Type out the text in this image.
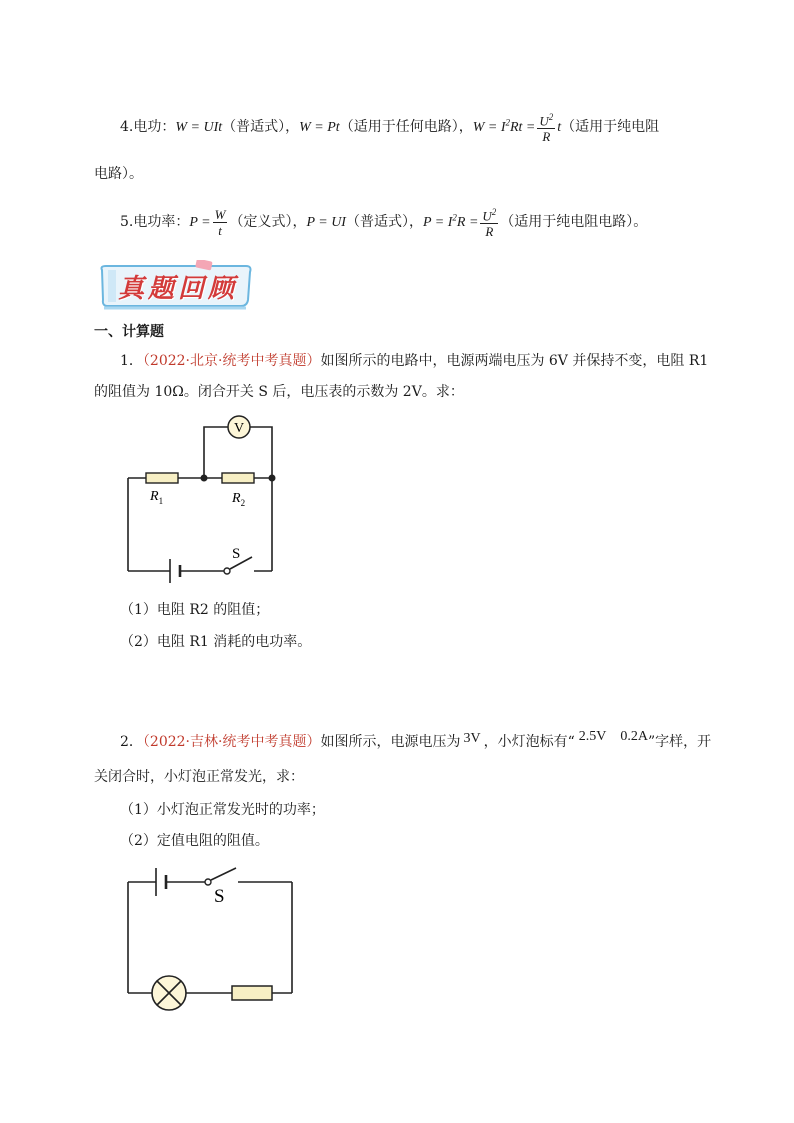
4.电功：W = UIt（普适式），W = Pt（适用于任何电路），$W = I^2Rt = \frac{U^2}{R} t$（适用于纯电阻
电路）。
5.电功率：$P = \frac{W}{t}$ （定义式），P = UI（普适式），$P = I^2R = \frac{U^2}{R}$ （适用于纯电阻电路）。
真题回顾
一、计算题
1．（2022·北京·统考中考真题）如图所示的电路中，电源两端电压为 6V 并保持不变，电阻 R1
的阻值为 10Ω。闭合开关 S 后，电压表的示数为 2V。求：
S
$R_1$	$R_2$
V
（1）电阻 R2 的阻值；
（2）电阻 R1 消耗的电功率。
2．（2022·吉林·统考中考真题）如图所示，电源电压为 3V ，小灯泡标有“ 2.5V 0.2A”字样，开
关闭合时，小灯泡正常发光，求：
（1）小灯泡正常发光时的功率；
（2）定值电阻的阻值。
S
